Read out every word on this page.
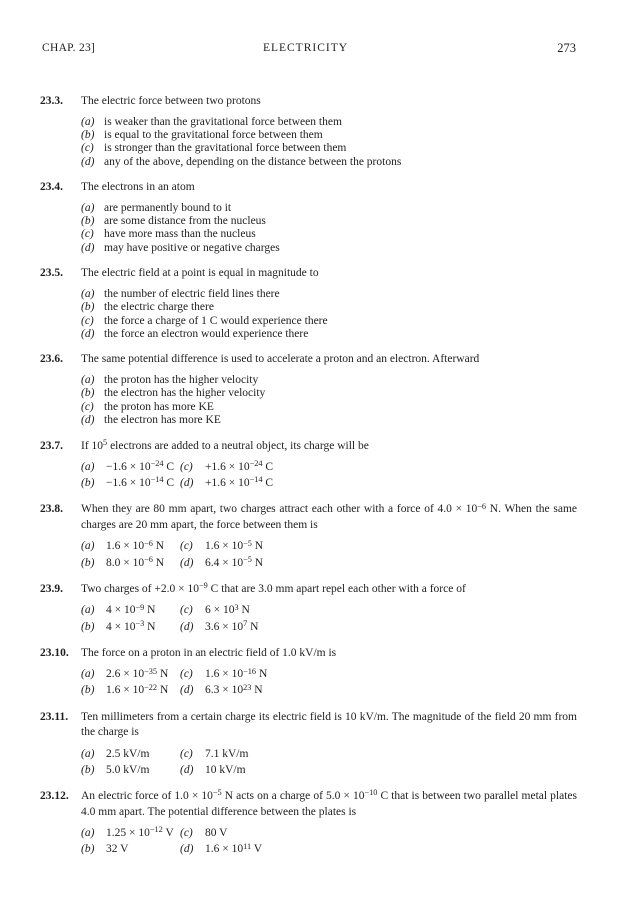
CHAP. 23]	ELECTRICITY	273
23.3.	The electric force between two protons
(a) is weaker than the gravitational force between them
(b) is equal to the gravitational force between them
(c) is stronger than the gravitational force between them
(d) any of the above, depending on the distance between the protons
23.4.	The electrons in an atom
(a) are permanently bound to it
(b) are some distance from the nucleus
(c) have more mass than the nucleus
(d) may have positive or negative charges
23.5.	The electric field at a point is equal in magnitude to
(a) the number of electric field lines there
(b) the electric charge there
(c) the force a charge of 1 C would experience there
(d) the force an electron would experience there
23.6.	The same potential difference is used to accelerate a proton and an electron. Afterward
(a) the proton has the higher velocity
(b) the electron has the higher velocity
(c) the proton has more KE
(d) the electron has more KE
23.7.	If $10^5$ electrons are added to a neutral object, its charge will be
(a)	$-1.6 \times 10^{-24}$ C (c)	$+1.6 \times 10^{-24}$ C
(b)	$-1.6 \times 10^{-14}$ C (d)	$+1.6 \times 10^{-14}$ C
23.8.	When they are 80 mm apart, two charges attract each other with a force of $4.0 \times 10^{-6}$ N. When the same charges are 20 mm apart, the force between them is
(a)	$1.6 \times 10^{-6}$ N	(c)	$1.6 \times 10^{-5}$ N
(b)	$8.0 \times 10^{-6}$ N	(d)	$6.4 \times 10^{-5}$ N
23.9.	Two charges of $+2.0 \times 10^{-9}$ C that are 3.0 mm apart repel each other with a force of
(a)	$4 \times 10^{-9}$ N	(c)	$6 \times 10^3$ N
(b)	$4 \times 10^{-3}$ N	(d)	$3.6 \times 10^7$ N
23.10.	The force on a proton in an electric field of 1.0 kV/m is
(a)	$2.6 \times 10^{-35}$ N	(c)	$1.6 \times 10^{-16}$ N
(b)	$1.6 \times 10^{-22}$ N	(d)	$6.3 \times 10^{23}$ N
23.11.	Ten millimeters from a certain charge its electric field is 10 kV/m. The magnitude of the field 20 mm from the charge is
(a)	2.5 kV/m	(c)	7.1 kV/m
(b)	5.0 kV/m	(d)	10 kV/m
23.12.	An electric force of $1.0 \times 10^{-5}$ N acts on a charge of $5.0 \times 10^{-10}$ C that is between two parallel metal plates 4.0 mm apart. The potential difference between the plates is
(a)	$1.25 \times 10^{-12}$ V (c)	80 V
(b)	32 V	(d)	$1.6 \times 10^{11}$ V
